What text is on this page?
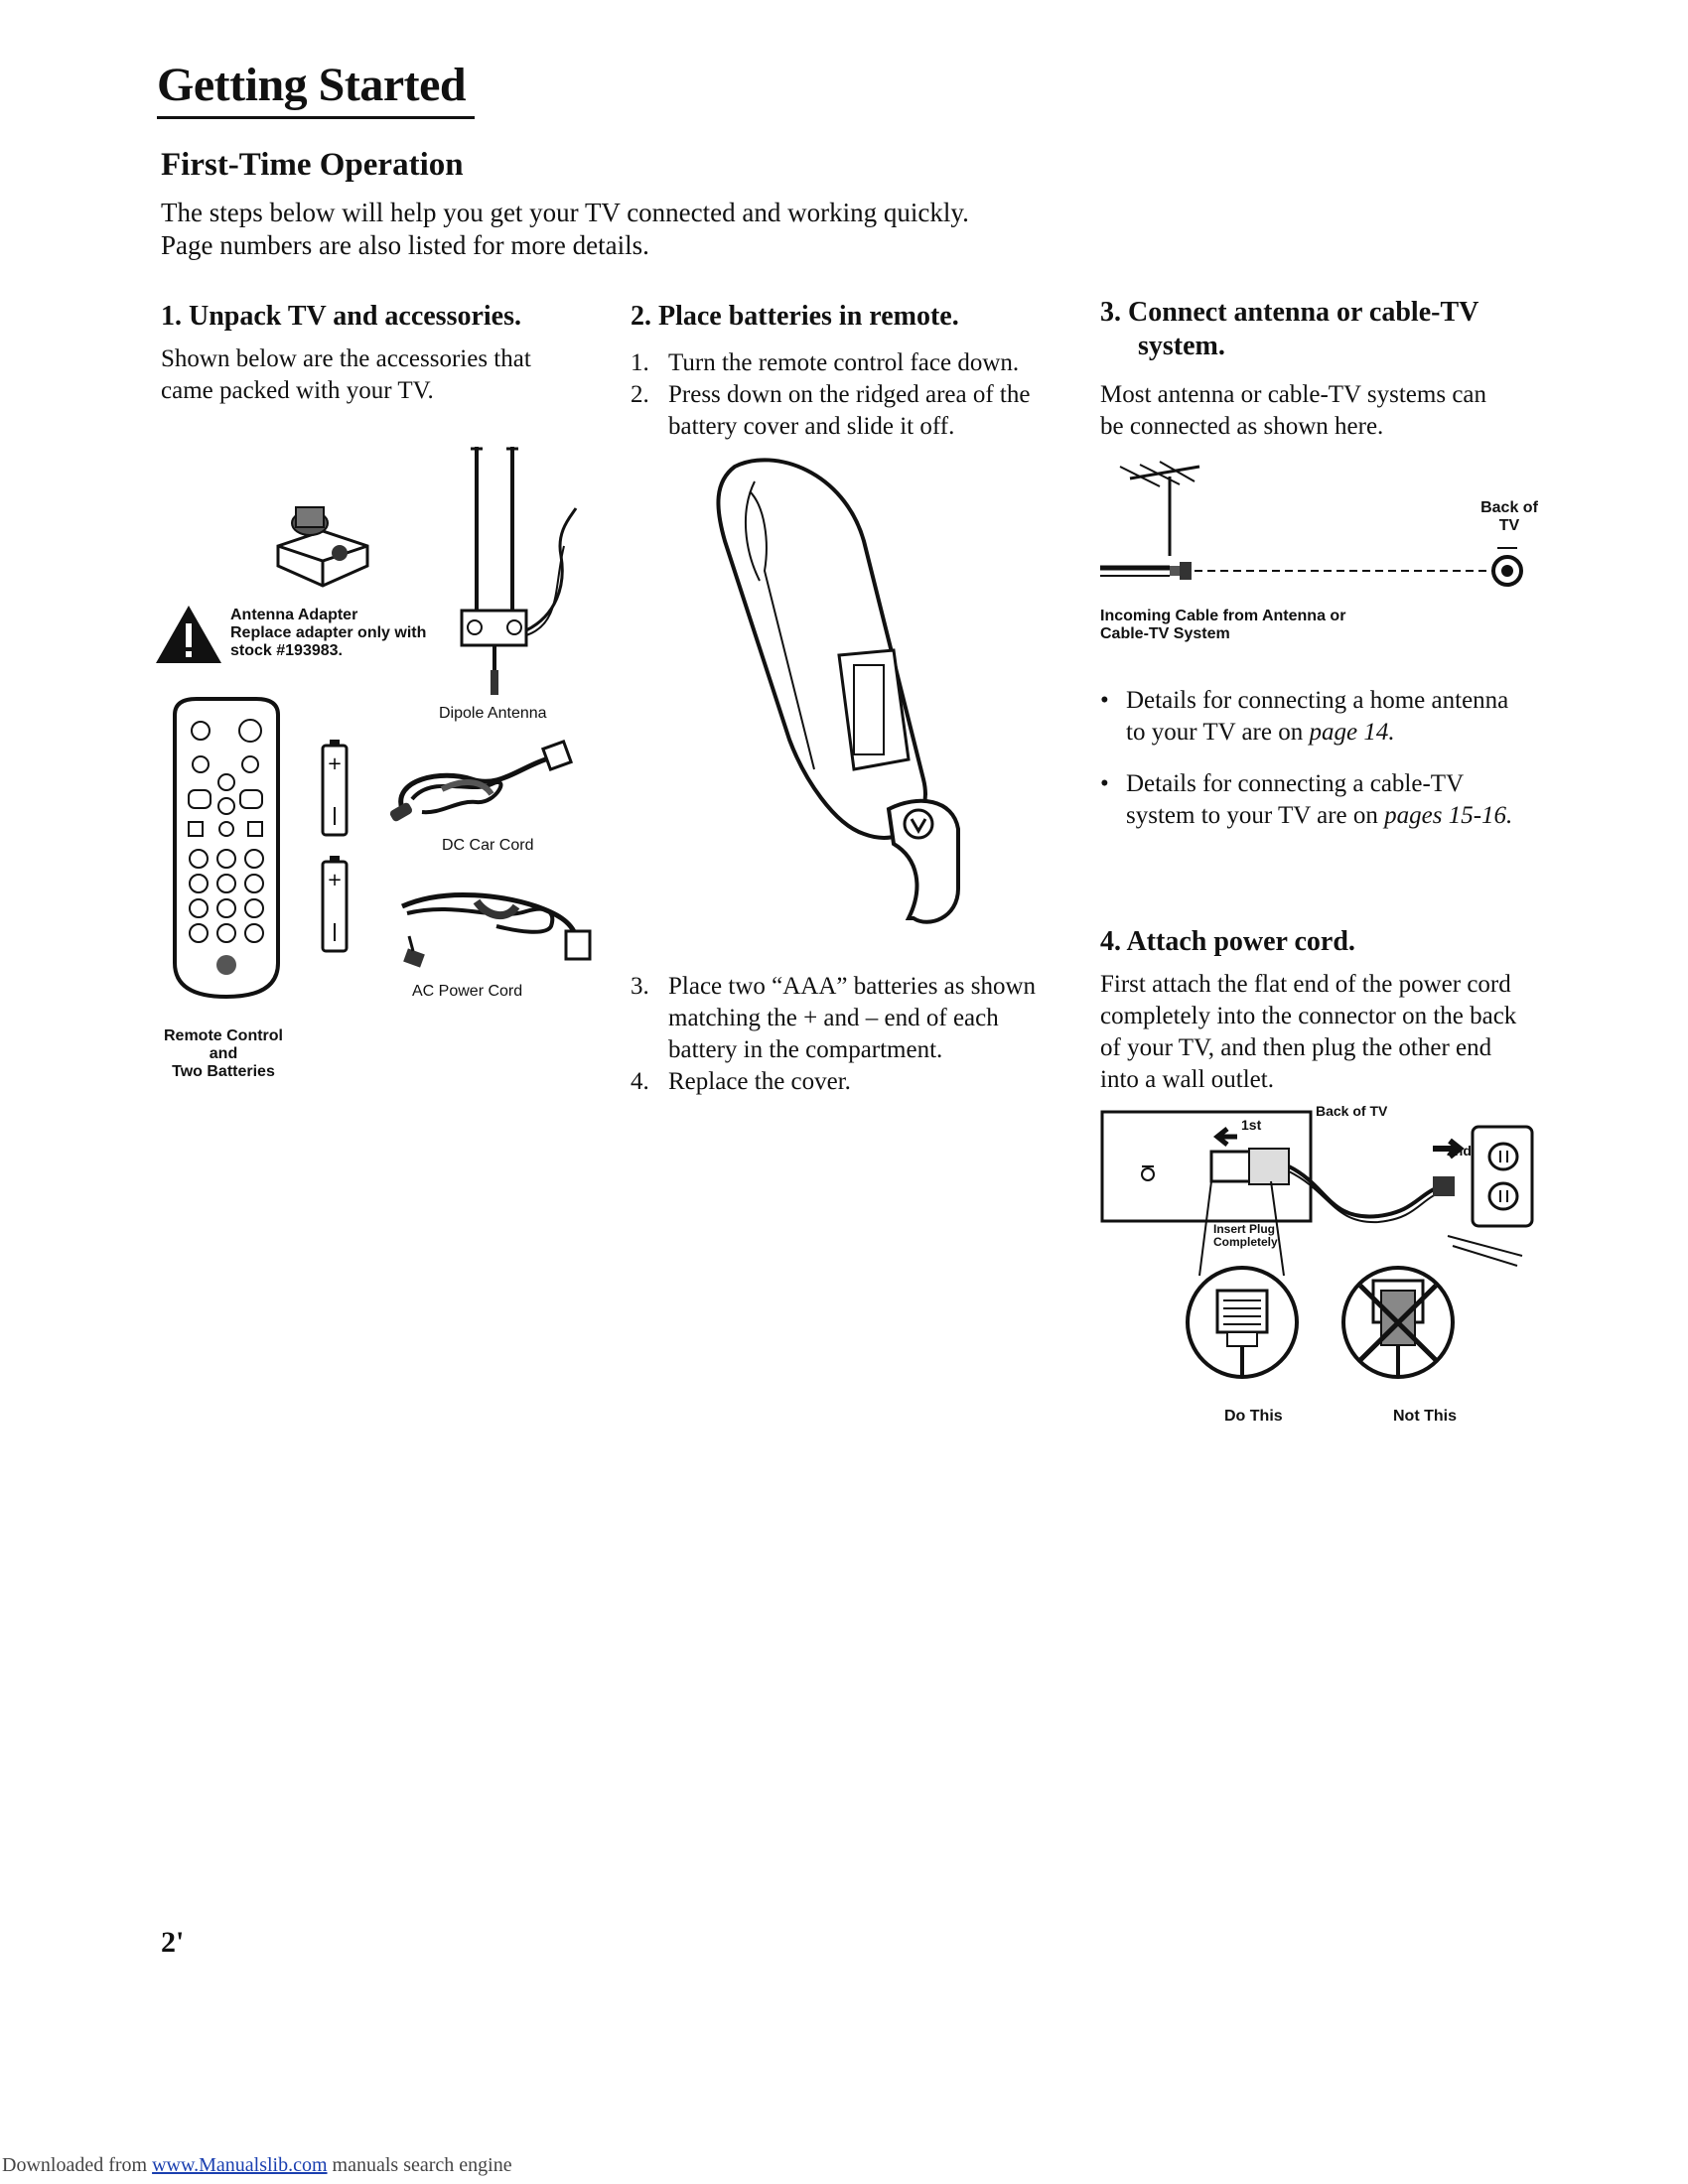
Getting Started
First-Time Operation
The steps below will help you get your TV connected and working quickly.
Page numbers are also listed for more details.
1. Unpack TV and accessories.
Shown below are the accessories that
came packed with your TV.
Antenna Adapter
Replace adapter only with
stock #193983.
Dipole Antenna
Remote Control and
Two Batteries
+
+
DC Car Cord
AC Power Cord
2. Place batteries in remote.
1. Turn the remote control face down.
2. Press down on the ridged area of the
battery cover and slide it off.
3. Place two “AAA” batteries as shown
matching the + and – end of each
battery in the compartment.
4. Replace the cover.
3. Connect antenna or cable-TV
system.
Most antenna or cable-TV systems can
be connected as shown here.
Back of
TV
Incoming Cable from Antenna or
Cable-TV System
• Details for connecting a home antenna
to your TV are on page 14.
• Details for connecting a cable-TV
system to your TV are on pages 15-16.
4. Attach power cord.
First attach the flat end of the power cord
completely into the connector on the back
of your TV, and then plug the other end
into a wall outlet.
Back of TV
1st
2nd
Insert Plug
Completely
Do This	Not This
2'
Downloaded from www.Manualslib.com manuals search engine
